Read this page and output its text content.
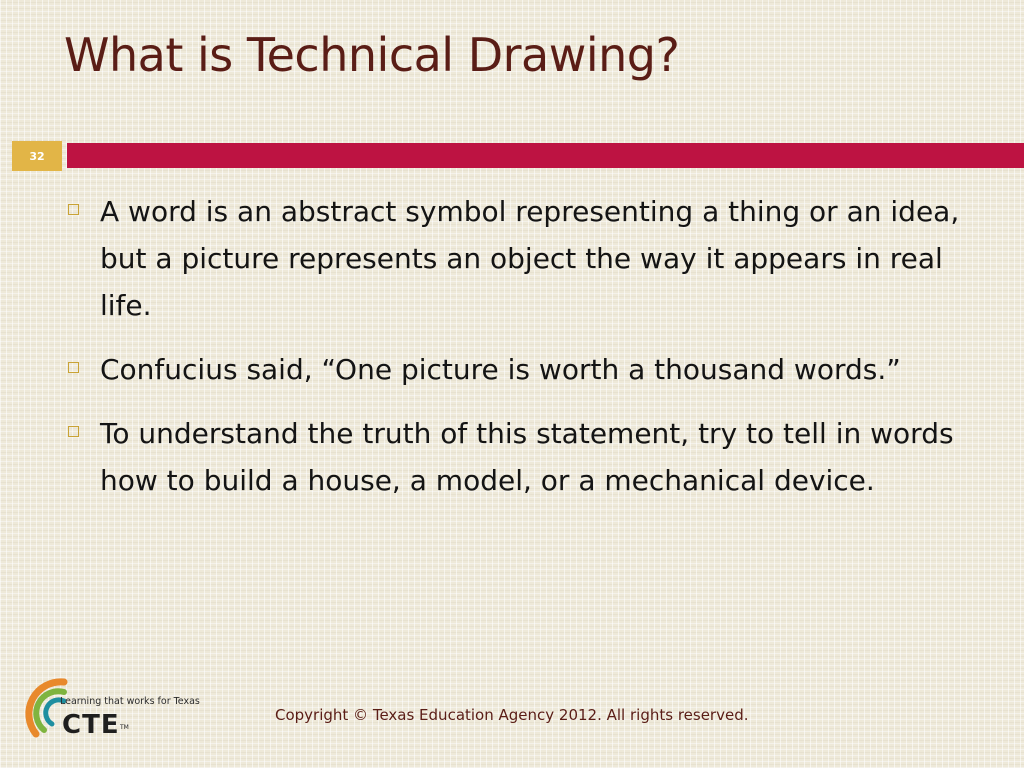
What is Technical Drawing?
32
A word is an abstract symbol representing a thing or an idea, but a picture represents an object the way it appears in real life.
Confucius said, “One picture is worth a thousand words.”
To understand the truth of this statement, try to tell in words how to build a house, a model, or a mechanical device.
Learning that works for Texas
CTE TM
Copyright © Texas Education Agency 2012. All rights reserved.
